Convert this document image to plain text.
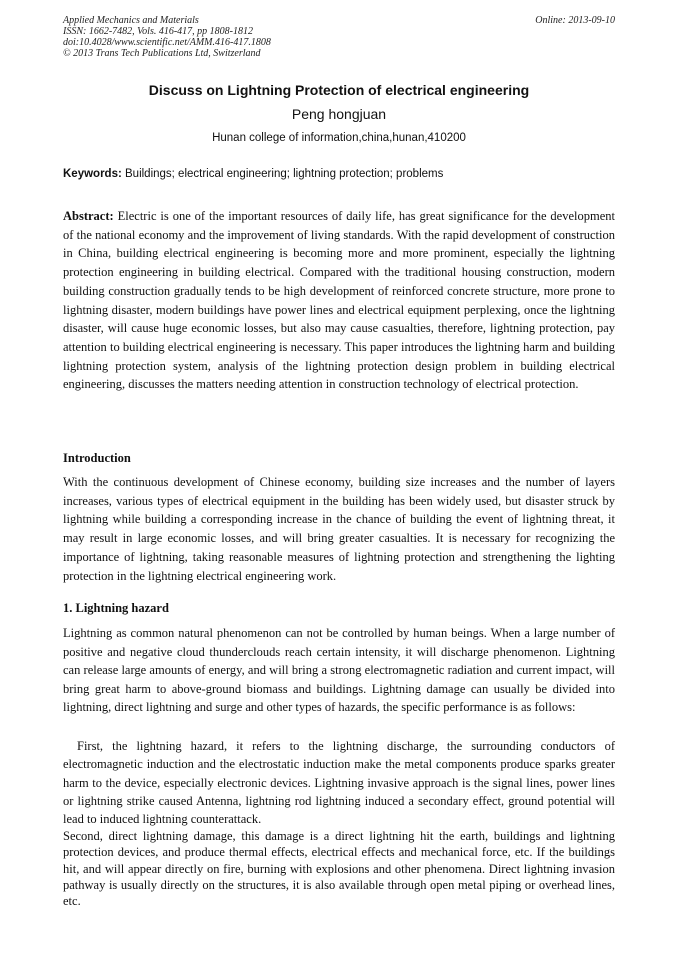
Applied Mechanics and Materials
ISSN: 1662-7482, Vols. 416-417, pp 1808-1812
doi:10.4028/www.scientific.net/AMM.416-417.1808
© 2013 Trans Tech Publications Ltd, Switzerland
Online: 2013-09-10
Discuss on Lightning Protection of electrical engineering
Peng hongjuan
Hunan college of information,china,hunan,410200
Keywords: Buildings; electrical engineering; lightning protection; problems
Abstract: Electric is one of the important resources of daily life, has great significance for the development of the national economy and the improvement of living standards. With the rapid development of construction in China, building electrical engineering is becoming more and more prominent, especially the lightning protection engineering in building electrical. Compared with the traditional housing construction, modern building construction gradually tends to be high development of reinforced concrete structure, more prone to lightning disaster, modern buildings have power lines and electrical equipment perplexing, once the lightning disaster, will cause huge economic losses, but also may cause casualties, therefore, lightning protection, pay attention to building electrical engineering is necessary. This paper introduces the lightning harm and building lightning protection system, analysis of the lightning protection design problem in building electrical engineering, discusses the matters needing attention in construction technology of electrical protection.
Introduction
With the continuous development of Chinese economy, building size increases and the number of layers increases, various types of electrical equipment in the building has been widely used, but disaster struck by lightning while building a corresponding increase in the chance of building the event of lightning threat, it may result in large economic losses, and will bring greater casualties. It is necessary for recognizing the importance of lightning, taking reasonable measures of lightning protection and strengthening the lighting protection in the lightning electrical engineering work.
1. Lightning hazard
Lightning as common natural phenomenon can not be controlled by human beings. When a large number of positive and negative cloud thunderclouds reach certain intensity, it will discharge phenomenon. Lightning can release large amounts of energy, and will bring a strong electromagnetic radiation and current impact, will bring great harm to above-ground biomass and buildings. Lightning damage can usually be divided into lightning, direct lightning and surge and other types of hazards, the specific performance is as follows:
First, the lightning hazard, it refers to the lightning discharge, the surrounding conductors of electromagnetic induction and the electrostatic induction make the metal components produce sparks greater harm to the device, especially electronic devices. Lightning invasive approach is the signal lines, power lines or lightning strike caused Antenna, lightning rod lightning induced a secondary effect, ground potential will lead to induced lightning counterattack.
Second, direct lightning damage, this damage is a direct lightning hit the earth, buildings and lightning protection devices, and produce thermal effects, electrical effects and mechanical force, etc. If the buildings hit, and will appear directly on fire, burning with explosions and other phenomena. Direct lightning invasion pathway is usually directly on the structures, it is also available through open metal piping or overhead lines, etc.
